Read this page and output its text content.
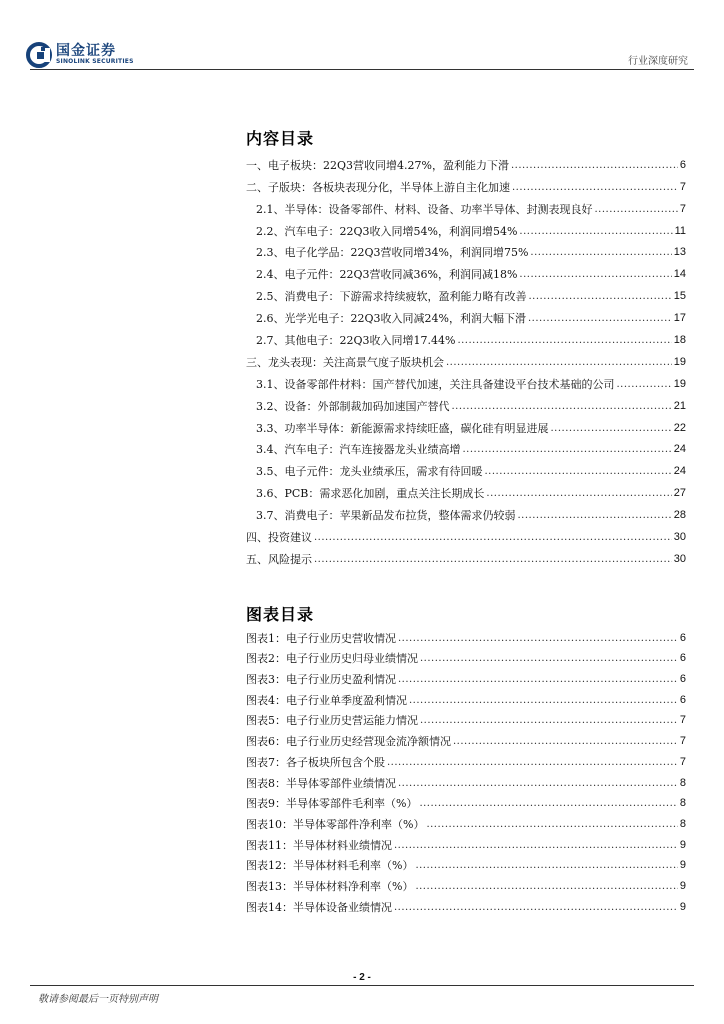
国金证券
SINOLINK SECURITIES	行业深度研究
内容目录
一、电子板块：22Q3营收同增4.27%，盈利能力下滑 .....	6
二、子版块：各板块表现分化，半导体上游自主化加速 .....	7
2.1、半导体：设备零部件、材料、设备、功率半导体、封测表现良好 .....	7
2.2、汽车电子：22Q3收入同增54%，利润同增54% .....	11
2.3、电子化学品：22Q3营收同增34%，利润同增75% .....	13
2.4、电子元件：22Q3营收同减36%，利润同减18% .....	14
2.5、消费电子：下游需求持续疲软，盈利能力略有改善 .....	15
2.6、光学光电子：22Q3收入同减24%，利润大幅下滑 .....	17
2.7、其他电子：22Q3收入同增17.44% .....	18
三、龙头表现：关注高景气度子版块机会 .....	19
3.1、设备零部件材料：国产替代加速，关注具备建设平台技术基础的公司 .....	19
3.2、设备：外部制裁加码加速国产替代 .....	21
3.3、功率半导体：新能源需求持续旺盛，碳化硅有明显进展 .....	22
3.4、汽车电子：汽车连接器龙头业绩高增 .....	24
3.5、电子元件：龙头业绩承压，需求有待回暖 .....	24
3.6、PCB：需求恶化加剧，重点关注长期成长 .....	27
3.7、消费电子：苹果新品发布拉货，整体需求仍较弱 .....	28
四、投资建议 .....	30
五、风险提示 .....	30
图表目录
图表1：电子行业历史营收情况 .....	6
图表2：电子行业历史归母业绩情况 .....	6
图表3：电子行业历史盈利情况 .....	6
图表4：电子行业单季度盈利情况 .....	6
图表5：电子行业历史营运能力情况 .....	7
图表6：电子行业历史经营现金流净额情况 .....	7
图表7：各子板块所包含个股 .....	7
图表8：半导体零部件业绩情况 .....	8
图表9：半导体零部件毛利率（%） .....	8
图表10：半导体零部件净利率（%） .....	8
图表11：半导体材料业绩情况 .....	9
图表12：半导体材料毛利率（%） .....	9
图表13：半导体材料净利率（%） .....	9
图表14：半导体设备业绩情况 .....	9
- 2 -
敬请参阅最后一页特别声明
